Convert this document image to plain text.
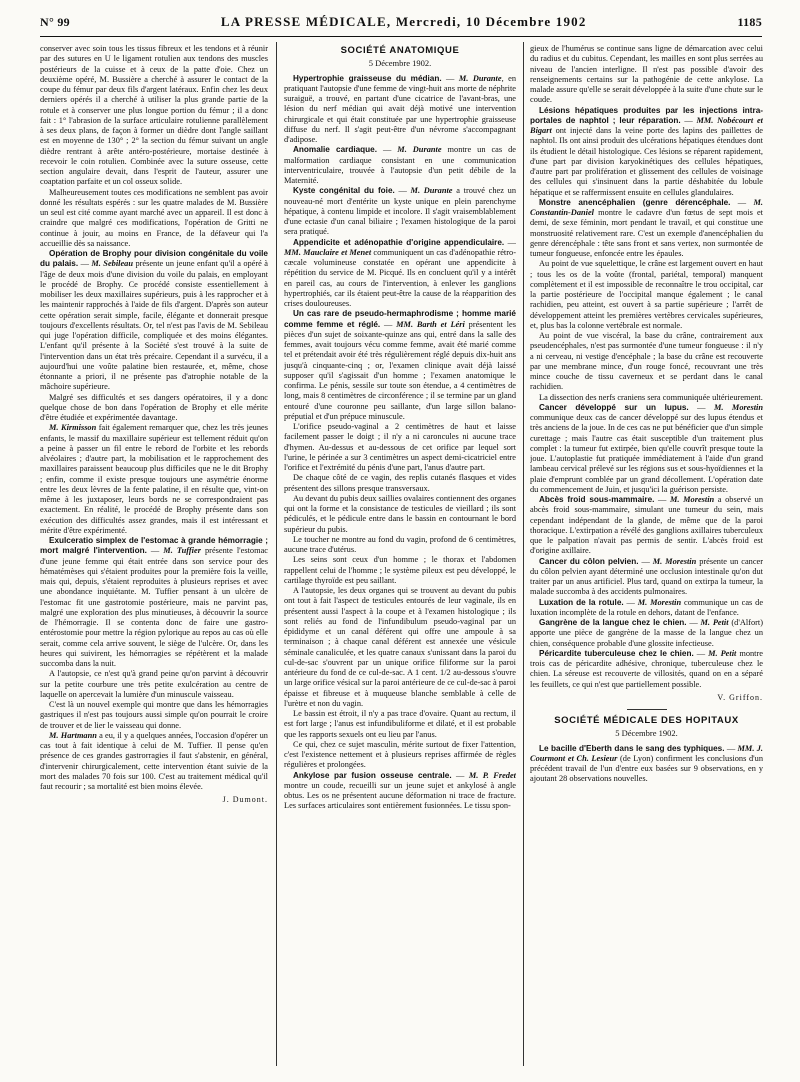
N° 99	LA PRESSE MÉDICALE, Mercredi, 10 Décembre 1902	1185

conserver avec soin tous les tissus fibreux et les tendons et à réunir par des sutures en U le ligament rotulien aux tendons des muscles postérieurs de la cuisse et à ceux de la patte d'oie. Chez un deuxième opéré, M. Bussière a cherché à assurer le contact de la coupe du fémur par deux fils d'argent latéraux. Enfin chez les deux derniers opérés il a cherché à utiliser la plus grande partie de la rotule et à conserver une plus longue portion du fémur ; il a donc fait : 1° l'abrasion de la surface articulaire rotulienne parallèlement à ses deux plans, de façon à former un dièdre dont l'angle saillant est en moyenne de 130° ; 2° la section du fémur suivant un angle dièdre rentrant à arête antéro-postérieure, mortaise destinée à recevoir le coin rotulien. Combinée avec la suture osseuse, cette section angulaire devait, dans l'esprit de l'auteur, assurer une coaptation parfaite et un col osseux solide.

Malheureusement toutes ces modifications ne semblent pas avoir donné les résultats espérés : sur les quatre malades de M. Bussière un seul est cité comme ayant marché avec un appareil. Il est donc à craindre que malgré ces modifications, l'opération de Gritti ne continue à jouir, au moins en France, de la défaveur qui l'a accueillie dès sa naissance.

Opération de Brophy pour division congénitale du voile du palais. — M. Sebileau présente un jeune enfant qu'il a opéré à l'âge de deux mois d'une division du voile du palais, en employant le procédé de Brophy. Ce procédé consiste essentiellement à mobiliser les deux maxillaires supérieurs, puis à les rapprocher et à les maintenir rapprochés à l'aide de fils d'argent. D'après son auteur cette opération serait simple, facile, élégante et donnerait presque toujours d'excellents résultats. Or, tel n'est pas l'avis de M. Sebileau qui juge l'opération difficile, compliquée et des moins élégantes. L'enfant qu'il présente à la Société s'est trouvé à la suite de l'intervention dans un état très précaire. Cependant il a survécu, il a aujourd'hui une voûte palatine bien restaurée, et, même, chose étonnante a priori, il ne présente pas d'atrophie notable de la mâchoire supérieure.

Malgré ses difficultés et ses dangers opératoires, il y a donc quelque chose de bon dans l'opération de Brophy et elle mérite d'être étudiée et expérimentée davantage.

M. Kirmisson fait également remarquer que, chez les très jeunes enfants, le massif du maxillaire supérieur est tellement réduit qu'on a peine à passer un fil entre le rebord de l'orbite et les rebords alvéolaires ; d'autre part, la mobilisation et le rapprochement des maxillaires paraissent beaucoup plus difficiles que ne le dit Brophy ; enfin, comme il existe presque toujours une asymétrie énorme entre les deux lèvres de la fente palatine, il en résulte que, vint-on même à les juxtaposer, leurs bords ne se correspondraient pas exactement. En réalité, le procédé de Brophy présente dans son exécution des difficultés assez grandes, mais il est intéressant et mérite d'être expérimenté.

Exulceratio simplex de l'estomac à grande hémorragie ; mort malgré l'intervention. — M. Tuffier présente l'estomac d'une jeune femme qui était entrée dans son service pour des hématémèses qui s'étaient produites pour la première fois la veille, mais qui, depuis, s'étaient reproduites à plusieurs reprises et avec une abondance inquiétante. M. Tuffier pensant à un ulcère de l'estomac fit une gastrotomie postérieure, mais ne parvint pas, malgré une exploration des plus minutieuses, à découvrir la source de l'hémorragie. Il se contenta donc de faire une gastro-entérostomie pour mettre la région pylorique au repos au cas où elle serait, comme cela arrive souvent, le siège de l'ulcère. Or, dans les heures qui suivirent, les hémorragies se répétèrent et la malade succomba dans la nuit.

A l'autopsie, ce n'est qu'à grand peine qu'on parvint à découvrir sur la petite courbure une très petite exulcération au centre de laquelle on apercevait la lumière d'un minuscule vaisseau.

C'est là un nouvel exemple qui montre que dans les hémorragies gastriques il n'est pas toujours aussi simple qu'on pourrait le croire de trouver et de lier le vaisseau qui donne.

M. Hartmann a eu, il y a quelques années, l'occasion d'opérer un cas tout à fait identique à celui de M. Tuffier. Il pense qu'en présence de ces grandes gastrorragies il faut s'abstenir, en général, d'intervenir chirurgicalement, cette intervention étant suivie de la mort des malades 70 fois sur 100. C'est au traitement médical qu'il faut recourir ; sa mortalité est bien moins élevée.

J. Dumont.
SOCIÉTÉ ANATOMIQUE
5 Décembre 1902.

Hypertrophie graisseuse du médian. — M. Durante, en pratiquant l'autopsie d'une femme de vingt-huit ans morte de néphrite suraiguë, a trouvé, en partant d'une cicatrice de l'avant-bras, une lésion du nerf médian qui avait déjà motivé une intervention chirurgicale et qui était constituée par une hypertrophie graisseuse diffuse du nerf. Il s'agit peut-être d'un névrome s'accompagnant d'adipose.

Anomalie cardiaque. — M. Durante montre un cas de malformation cardiaque consistant en une communication interventriculaire, trouvée à l'autopsie d'un petit débile de la Maternité.

Kyste congénital du foie. — M. Durante a trouvé chez un nouveau-né mort d'entérite un kyste unique en plein parenchyme hépatique, à contenu limpide et incolore. Il s'agit vraisemblablement d'une ectasie d'un canal biliaire ; l'examen histologique de la paroi sera pratiqué.

Appendicite et adénopathie d'origine appendiculaire. — MM. Mauclaire et Menet communiquent un cas d'adénopathie rétro-cæcale volumineuse constatée en opérant une appendicite à répétition du service de M. Picqué. Ils en concluent qu'il y a intérêt en pareil cas, au cours de l'intervention, à enlever les ganglions hypertrophiés, car ils étaient peut-être la cause de la réapparition des crises douloureuses.

Un cas rare de pseudo-hermaphrodisme ; homme marié comme femme et réglé. — MM. Barth et Léri présentent les pièces d'un sujet de soixante-quinze ans qui, entré dans la salle des femmes, avait toujours vécu comme femme, avait été marié comme tel et prétendait avoir été très régulièrement réglé depuis dix-huit ans jusqu'à cinquante-cinq ; or, l'examen clinique avait déjà laissé supposer qu'il s'agissait d'un homme ; l'examen anatomique le confirma. Le pénis, sessile sur toute son étendue, a 4 centimètres de long, mais 8 centimètres de circonférence ; il se termine par un gland entouré d'une couronne peu saillante, d'un large sillon balano-préputial et d'un prépuce minuscule.

L'orifice pseudo-vaginal a 2 centimètres de haut et laisse facilement passer le doigt ; il n'y a ni caroncules ni aucune trace d'hymen. Au-dessus et au-dessous de cet orifice par lequel sort l'urine, le périnée a sur 3 centimètres un aspect demi-cicatriciel entre l'orifice et l'extrémité du pénis d'une part, l'anus d'autre part.

De chaque côté de ce vagin, des replis cutanés flasques et vides présentent des sillons presque transversaux.

Au devant du pubis deux saillies ovalaires contiennent des organes qui ont la forme et la consistance de testicules de vieillard ; ils sont pédiculés, et le pédicule entre dans le bassin en contournant le bord supérieur du pubis.

Le toucher ne montre au fond du vagin, profond de 6 centimètres, aucune trace d'utérus.

Les seins sont ceux d'un homme ; le thorax et l'abdomen rappellent celui de l'homme ; le système pileux est peu développé, le cartilage thyroïde est peu saillant.

A l'autopsie, les deux organes qui se trouvent au devant du pubis ont tout à fait l'aspect de testicules entourés de leur vaginale, ils en présentent aussi l'aspect à la coupe et à l'examen histologique ; ils sont reliés au fond de l'infundibulum pseudo-vaginal par un épididyme et un canal déférent qui offre une ampoule à sa terminaison ; à chaque canal déférent est annexée une vésicule séminale canaliculée, et les quatre canaux s'unissant dans la paroi du cul-de-sac s'ouvrent par un unique orifice filiforme sur la paroi antérieure du fond de ce cul-de-sac. A 1 cent. 1/2 au-dessous s'ouvre un large orifice vésical sur la paroi antérieure de ce cul-de-sac à paroi épaisse et fibreuse et à muqueuse blanche semblable à celle de l'urètre et non du vagin.

Le bassin est étroit, il n'y a pas trace d'ovaire. Quant au rectum, il est fort large ; l'anus est infundibuliforme et dilaté, et il est probable que les rapports sexuels ont eu lieu par l'anus.

Ce qui, chez ce sujet masculin, mérite surtout de fixer l'attention, c'est l'existence nettement et à plusieurs reprises affirmée de règles régulières et prolongées.

Ankylose par fusion osseuse centrale. — M. P. Fredet montre un coude, recueilli sur un jeune sujet et ankylosé à angle obtus. Les os ne présentent aucune déformation ni trace de fracture. Les surfaces articulaires sont entièrement fusionnées. Le tissu spon-

gieux de l'humérus se continue sans ligne de démarcation avec celui du radius et du cubitus. Cependant, les mailles en sont plus serrées au niveau de l'ancien interligne. Il n'est pas possible d'avoir des renseignements certains sur la pathogénie de cette ankylose. La malade assure qu'elle se serait développée à la suite d'une chute sur le coude.

Lésions hépatiques produites par les injections intra-portales de naphtol ; leur réparation. — MM. Nobécourt et Bigart ont injecté dans la veine porte des lapins des paillettes de naphtol. Ils ont ainsi produit des ulcérations hépatiques étendues dont ils étudient le détail histologique. Ces lésions se réparent rapidement, d'une part par division karyokinétiques des cellules hépatiques, d'autre part par prolifération et glissement des cellules de voisinage des cellules qui s'insinuent dans la partie déshabitée du lobule hépatique et se raffermissent ensuite en cellules glandulaires.

Monstre anencéphalien (genre dérencéphale. — M. Constantin-Daniel montre le cadavre d'un fœtus de sept mois et demi, de sexe féminin, mort pendant le travail, et qui constitue une monstruosité relativement rare. C'est un exemple d'anencéphalien du genre dérencéphale : tête sans front et sans vertex, non surmontée de tumeur fongueuse, enfoncée entre les épaules.

Au point de vue squelettique, le crâne est largement ouvert en haut ; tous les os de la voûte (frontal, pariétal, temporal) manquent complètement et il est impossible de reconnaître le trou occipital, car la partie postérieure de l'occipital manque également ; le canal rachidien, peu atteint, est ouvert à sa partie supérieure ; l'arrêt de développement atteint les premières vertèbres cervicales supérieures, et, plus bas la colonne vertébrale est normale.

Au point de vue viscéral, la base du crâne, contrairement aux pseudencéphales, n'est pas surmontée d'une tumeur fongueuse : il n'y a ni cerveau, ni vestige d'encéphale ; la base du crâne est recouverte par une membrane mince, d'un rouge foncé, recouvrant une très mince couche de tissu caverneux et se perdant dans le canal rachidien.

La dissection des nerfs craniens sera communiquée ultérieurement.

Cancer développé sur un lupus. — M. Morestin communique deux cas de cancer développé sur des lupus étendus et très anciens de la joue. In de ces cas ne put bénéficier que d'un simple curettage ; mais l'autre cas était susceptible d'un traitement plus complet : la tumeur fut extirpée, bien qu'elle couvrît presque toute la joue. L'autoplastie fut pratiquée immédiatement à l'aide d'un grand lambeau cervical prélevé sur les régions sus et sous-hyoïdiennes et la plaie d'emprunt comblée par un grand décollement. L'opération date du commencement de Juin, et jusqu'ici la guérison persiste.

Abcès froid sous-mammaire. — M. Morestin a observé un abcès froid sous-mammaire, simulant une tumeur du sein, mais cependant indépendant de la glande, de même que de la paroi thoracique. L'extirpation a révélé des ganglions axillaires tuberculeux que le palpation n'avait pas permis de sentir. L'abcès froid est d'origine axillaire.

Cancer du côlon pelvien. — M. Morestin présente un cancer du côlon pelvien ayant déterminé une occlusion intestinale qu'on dut traiter par un anus artificiel. Plus tard, quand on extirpa la tumeur, la malade succomba à des accidents pulmonaires.

Luxation de la rotule. — M. Morestin communique un cas de luxation incomplète de la rotule en dehors, datant de l'enfance.

Gangrène de la langue chez le chien. — M. Petit (d'Alfort) apporte une pièce de gangrène de la masse de la langue chez un chien, conséquence probable d'une glossite infectieuse.

Péricardite tuberculeuse chez le chien. — M. Petit montre trois cas de péricardite adhésive, chronique, tuberculeuse chez le chien. La séreuse est recouverte de villosités, quand on en a séparé les feuillets, ce qui n'est que partiellement possible.

V. Griffon.
SOCIÉTÉ MÉDICALE DES HOPITAUX
5 Décembre 1902.

Le bacille d'Eberth dans le sang des typhiques. — MM. J. Courmont et Ch. Lesieur (de Lyon) confirment les conclusions d'un précédent travail de l'un d'entre eux basées sur 9 observations, en y ajoutant 28 observations nouvelles.
